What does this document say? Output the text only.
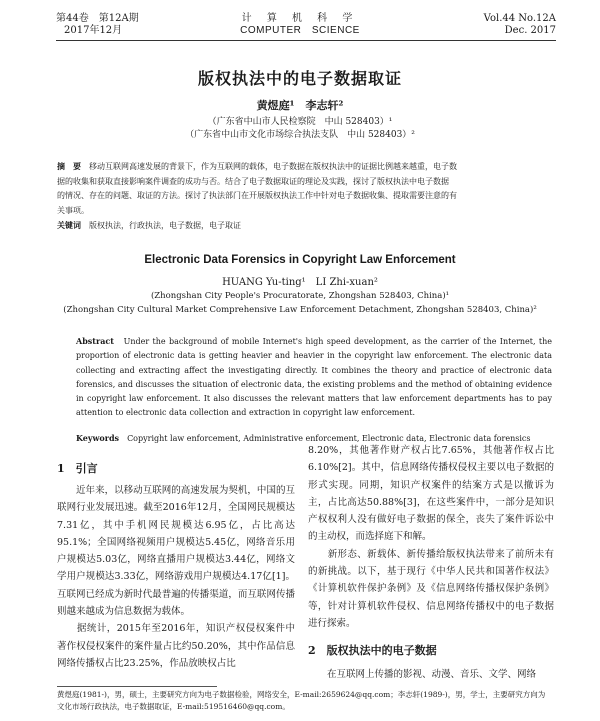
第44卷　第12A期
2017年12月
计 算 机 科 学
COMPUTER　SCIENCE
Vol.44 No.12A
Dec. 2017
版权执法中的电子数据取证
黄煜庭¹　李志轩²
（广东省中山市人民检察院　中山 528403）¹
（广东省中山市文化市场综合执法支队　中山 528403）²
摘　要　 移动互联网高速发展的背景下，作为互联网的载体，电子数据在版权执法中的证据比例越来越重，电子数
据的收集和获取直接影响案件调查的成功与否。结合了电子数据取证的理论及实践，探讨了版权执法中电子数据
的情况、存在的问题、取证的方法。探讨了执法部门在开展版权执法工作中针对电子数据收集、提取需要注意的有
关事项。
关键词　 版权执法，行政执法，电子数据，电子取证
Electronic Data Forensics in Copyright Law Enforcement
HUANG Yu-ting¹　LI Zhi-xuan²
(Zhongshan City People's Procuratorate, Zhongshan 528403, China)¹
(Zhongshan City Cultural Market Comprehensive Law Enforcement Detachment, Zhongshan 528403, China)²
Abstract　 Under the background of mobile Internet's high speed development, as the carrier of the Internet, the proportion of electronic data is getting heavier and heavier in the copyright law enforcement. The electronic data collecting and extracting affect the investigating directly. It combines the theory and practice of electronic data forensics, and discusses the situation of electronic data, the existing problems and the method of obtaining evidence in copyright law enforcement. It also discusses the relevant matters that law enforcement departments has to pay attention to electronic data collection and extraction in copyright law enforcement.
Keywords　 Copyright law enforcement, Administrative enforcement, Electronic data, Electronic data forensics
1　引言

　　近年来，以移动互联网的高速发展为契机，中国的互联网行业发展迅速。截至2016年12月，全国网民规模达7.31亿，其中手机网民规模达6.95亿，占比高达95.1%；全国网络视频用户规模达5.45亿，网络音乐用户规模达5.03亿，网络直播用户规模达3.44亿，网络文学用户规模达3.33亿，网络游戏用户规模达4.17亿[1]。互联网已经成为新时代最普遍的传播渠道，而互联网传播则越来越成为信息数据为载体。

　　据统计，2015年至2016年，知识产权侵权案件中著作权侵权案件的案件量占比约50.20%，其中作品信息网络传播权占比23.25%，作品放映权占比

8.20%，其他著作财产权占比7.65%，其他著作权占比6.10%[2]。其中，信息网络传播权侵权主要以电子数据的形式实现。同期，知识产权案件的结案方式是以撤诉为主，占比高达50.88%[3]，在这些案件中，一部分是知识产权权利人没有做好电子数据的保全，丧失了案件诉讼中的主动权，而选择庭下和解。

　　新形态、新载体、新传播给版权执法带来了前所未有的新挑战。以下，基于现行《中华人民共和国著作权法》《计算机软件保护条例》及《信息网络传播权保护条例》等，针对计算机软件侵权、信息网络传播权中的电子数据进行探索。

2　版权执法中的电子数据

　　在互联网上传播的影视、动漫、音乐、文学、网络

黄煜庭(1981-)，男，硕士，主要研究方向为电子数据检验，网络安全，E-mail:2659624@qq.com；李志轩(1989-)，男，学士，主要研究方向为
文化市场行政执法，电子数据取证，E-mail:519516460@qq.com。
